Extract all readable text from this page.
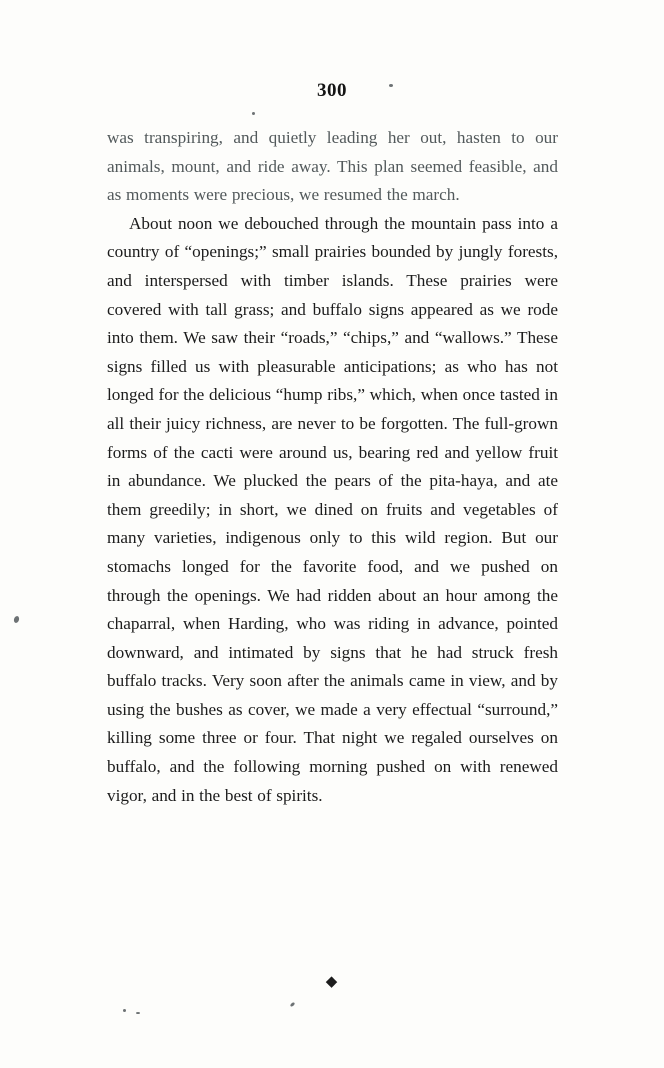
300

was transpiring, and quietly leading her out, hasten to our animals, mount, and ride away. This plan seemed feasible, and as moments were precious, we resumed the march.

About noon we debouched through the mountain pass into a country of “openings;” small prairies bounded by jungly forests, and interspersed with timber islands. These prairies were covered with tall grass; and buffalo signs appeared as we rode into them. We saw their “roads,” “chips,” and “wallows.” These signs filled us with pleasurable anticipations; as who has not longed for the delicious “hump ribs,” which, when once tasted in all their juicy richness, are never to be forgotten. The full-grown forms of the cacti were around us, bearing red and yellow fruit in abundance. We plucked the pears of the pita-haya, and ate them greedily; in short, we dined on fruits and vegetables of many varieties, indigenous only to this wild region. But our stomachs longed for the favorite food, and we pushed on through the openings. We had ridden about an hour among the chaparral, when Harding, who was riding in advance, pointed downward, and intimated by signs that he had struck fresh buffalo tracks. Very soon after the animals came in view, and by using the bushes as cover, we made a very effectual “surround,” killing some three or four. That night we regaled ourselves on buffalo, and the following morning pushed on with renewed vigor, and in the best of spirits.

◆
